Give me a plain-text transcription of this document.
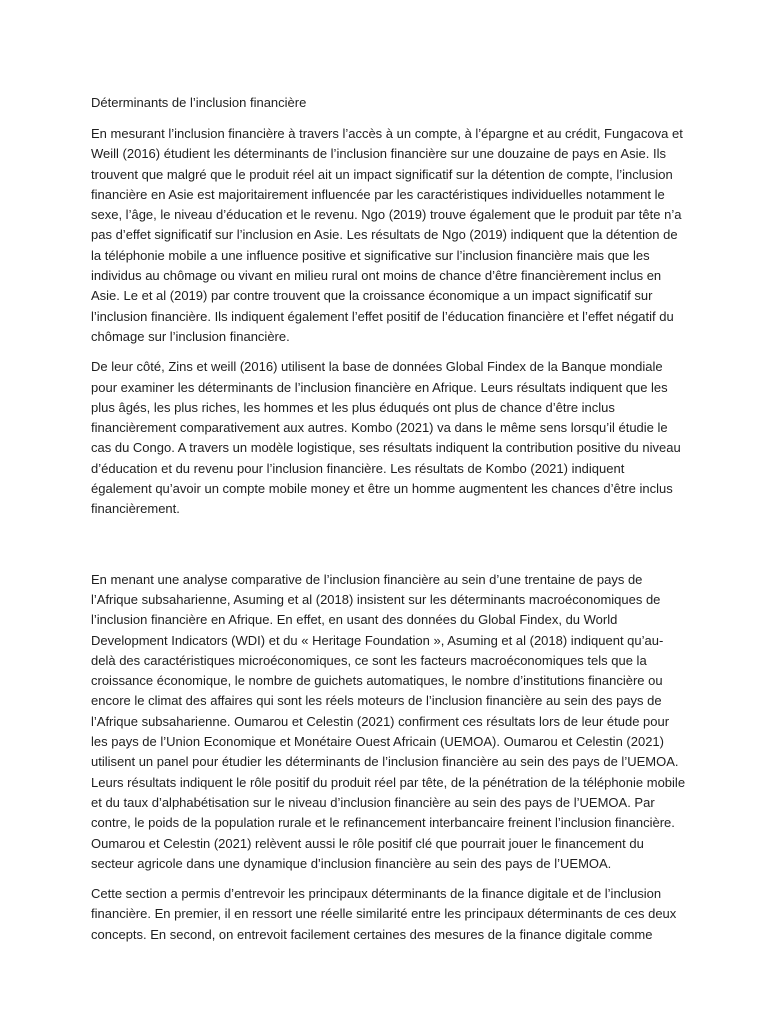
Déterminants de l’inclusion financière

En mesurant l’inclusion financière à travers l’accès à un compte, à l’épargne et au crédit, Fungacova et Weill (2016) étudient les déterminants de l’inclusion financière sur une douzaine de pays en Asie. Ils trouvent que malgré que le produit réel ait un impact significatif sur la détention de compte, l’inclusion financière en Asie est majoritairement influencée par les caractéristiques individuelles notamment le sexe, l’âge, le niveau d’éducation et le revenu. Ngo (2019) trouve également que le produit par tête n’a pas d’effet significatif sur l’inclusion en Asie. Les résultats de Ngo (2019) indiquent que la détention de la téléphonie mobile a une influence positive et significative sur l’inclusion financière mais que les individus au chômage ou vivant en milieu rural ont moins de chance d’être financièrement inclus en Asie. Le et al (2019) par contre trouvent que la croissance économique a un impact significatif sur l’inclusion financière. Ils indiquent également l’effet positif de l’éducation financière et l’effet négatif du chômage sur l’inclusion financière.

De leur côté, Zins et weill (2016) utilisent la base de données Global Findex de la Banque mondiale pour examiner les déterminants de l’inclusion financière en Afrique. Leurs résultats indiquent que les plus âgés, les plus riches, les hommes et les plus éduqués ont plus de chance d’être inclus financièrement comparativement aux autres. Kombo (2021) va dans le même sens lorsqu’il étudie le cas du Congo. A travers un modèle logistique, ses résultats indiquent la contribution positive du niveau d’éducation et du revenu pour l’inclusion financière. Les résultats de Kombo (2021) indiquent également qu’avoir un compte mobile money et être un homme augmentent les chances d’être inclus financièrement.

En menant une analyse comparative de l’inclusion financière au sein d’une trentaine de pays de l’Afrique subsaharienne, Asuming et al (2018) insistent sur les déterminants macroéconomiques de l’inclusion financière en Afrique. En effet, en usant des données du Global Findex, du World Development Indicators (WDI) et du « Heritage Foundation », Asuming et al (2018) indiquent qu’au- delà des caractéristiques microéconomiques, ce sont les facteurs macroéconomiques tels que la croissance économique, le nombre de guichets automatiques, le nombre d’institutions financière ou encore le climat des affaires qui sont les réels moteurs de l’inclusion financière au sein des pays de l’Afrique subsaharienne. Oumarou et Celestin (2021) confirment ces résultats lors de leur étude pour les pays de l’Union Economique et Monétaire Ouest Africain (UEMOA). Oumarou et Celestin (2021) utilisent un panel pour étudier les déterminants de l’inclusion financière au sein des pays de l’UEMOA. Leurs résultats indiquent le rôle positif du produit réel par tête, de la pénétration de la téléphonie mobile et du taux d’alphabétisation sur le niveau d’inclusion financière au sein des pays de l’UEMOA. Par contre, le poids de la population rurale et le refinancement interbancaire freinent l’inclusion financière. Oumarou et Celestin (2021) relèvent aussi le rôle positif clé que pourrait jouer le financement du secteur agricole dans une dynamique d’inclusion financière au sein des pays de l’UEMOA.

Cette section a permis d’entrevoir les principaux déterminants de la finance digitale et de l’inclusion financière. En premier, il en ressort une réelle similarité entre les principaux déterminants de ces deux concepts. En second, on entrevoit facilement certaines des mesures de la finance digitale comme
